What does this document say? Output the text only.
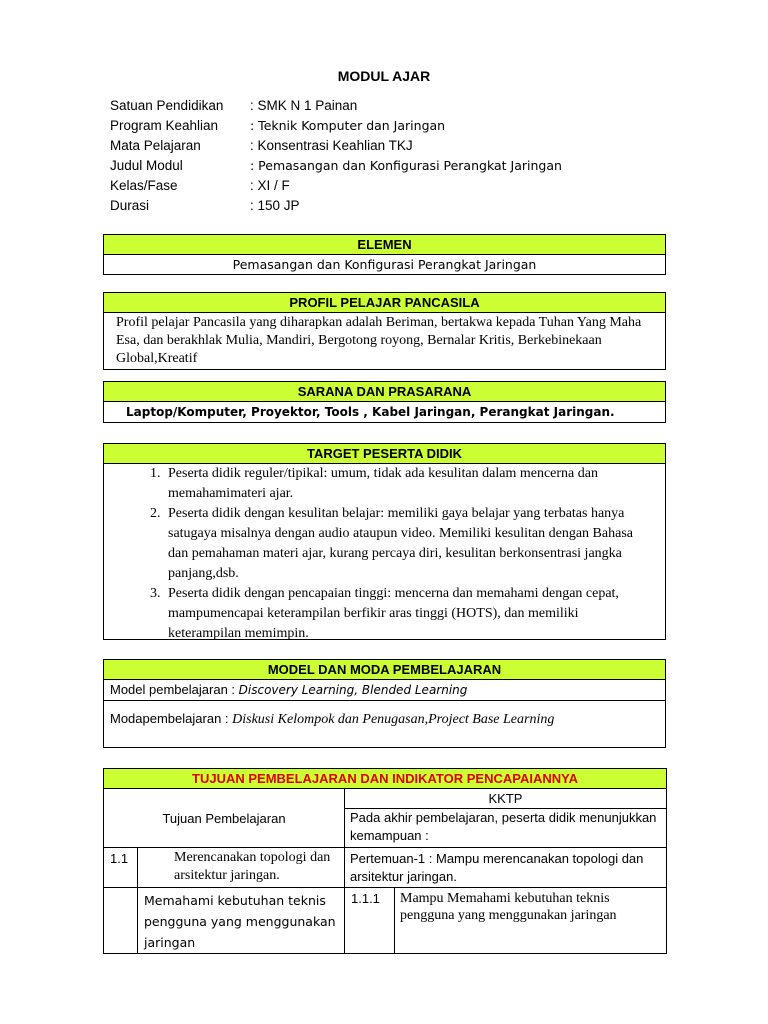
MODUL AJAR
Satuan Pendidikan	: SMK N 1 Painan
Program Keahlian	: Teknik Komputer dan Jaringan
Mata Pelajaran	: Konsentrasi Keahlian TKJ
Judul Modul	: Pemasangan dan Konfigurasi Perangkat Jaringan
Kelas/Fase	: XI / F
Durasi	: 150 JP
ELEMEN
Pemasangan dan Konfigurasi Perangkat Jaringan
PROFIL PELAJAR PANCASILA
Profil pelajar Pancasila yang diharapkan adalah Beriman, bertakwa kepada Tuhan Yang Maha Esa, dan berakhlak Mulia, Mandiri, Bergotong royong, Bernalar Kritis, Berkebinekaan Global,Kreatif
SARANA DAN PRASARANA
Laptop/Komputer, Proyektor, Tools , Kabel Jaringan, Perangkat Jaringan.
TARGET PESERTA DIDIK
1. Peserta didik reguler/tipikal: umum, tidak ada kesulitan dalam mencerna dan memahamimateri ajar.
2. Peserta didik dengan kesulitan belajar: memiliki gaya belajar yang terbatas hanya satugaya misalnya dengan audio ataupun video. Memiliki kesulitan dengan Bahasa dan pemahaman materi ajar, kurang percaya diri, kesulitan berkonsentrasi jangka panjang,dsb.
3. Peserta didik dengan pencapaian tinggi: mencerna dan memahami dengan cepat, mampumencapai keterampilan berfikir aras tinggi (HOTS), dan memiliki keterampilan memimpin.
MODEL DAN MODA PEMBELAJARAN
Model pembelajaran : Discovery Learning, Blended Learning
Modapembelajaran : Diskusi Kelompok dan Penugasan,Project Base Learning
TUJUAN PEMBELAJARAN DAN INDIKATOR PENCAPAIANNYA			
Tujuan Pembelajaran		KKTP	
		Pada akhir pembelajaran, peserta didik menunjukkan kemampuan :	
1.1	Merencanakan topologi dan arsitektur jaringan.	Pertemuan-1 : Mampu merencanakan topologi dan arsitektur jaringan.	
	Memahami kebutuhan teknis pengguna yang menggunakan jaringan	1.1.1	Mampu Memahami kebutuhan teknis pengguna yang menggunakan jaringan
